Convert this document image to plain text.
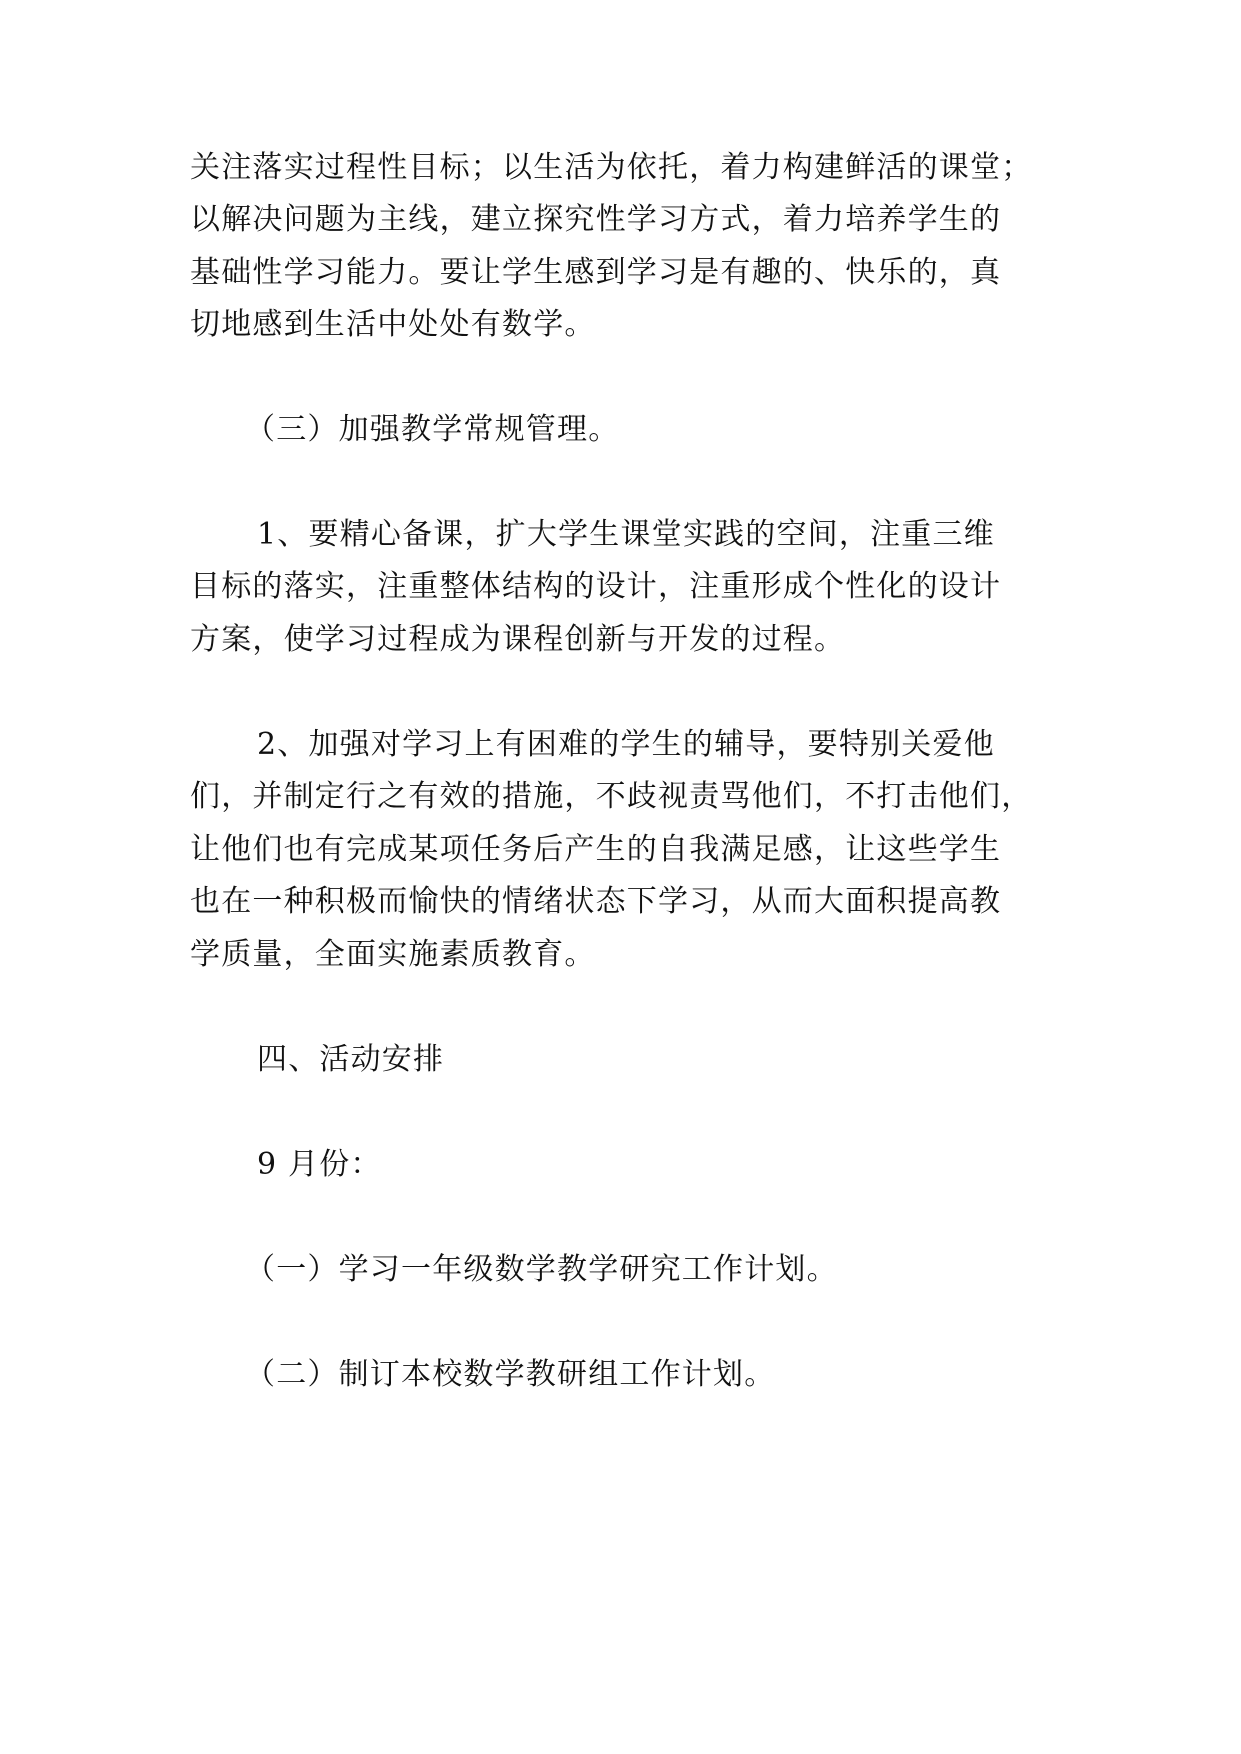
关注落实过程性目标；以生活为依托，着力构建鲜活的课堂；

以解决问题为主线，建立探究性学习方式，着力培养学生的

基础性学习能力。要让学生感到学习是有趣的、快乐的，真

切地感到生活中处处有数学。

（三）加强教学常规管理。

1、要精心备课，扩大学生课堂实践的空间，注重三维

目标的落实，注重整体结构的设计，注重形成个性化的设计

方案，使学习过程成为课程创新与开发的过程。

2、加强对学习上有困难的学生的辅导，要特别关爱他

们，并制定行之有效的措施，不歧视责骂他们，不打击他们，

让他们也有完成某项任务后产生的自我满足感，让这些学生

也在一种积极而愉快的情绪状态下学习，从而大面积提高教

学质量，全面实施素质教育。

四、活动安排

9 月份：

（一）学习一年级数学教学研究工作计划。

（二）制订本校数学教研组工作计划。
